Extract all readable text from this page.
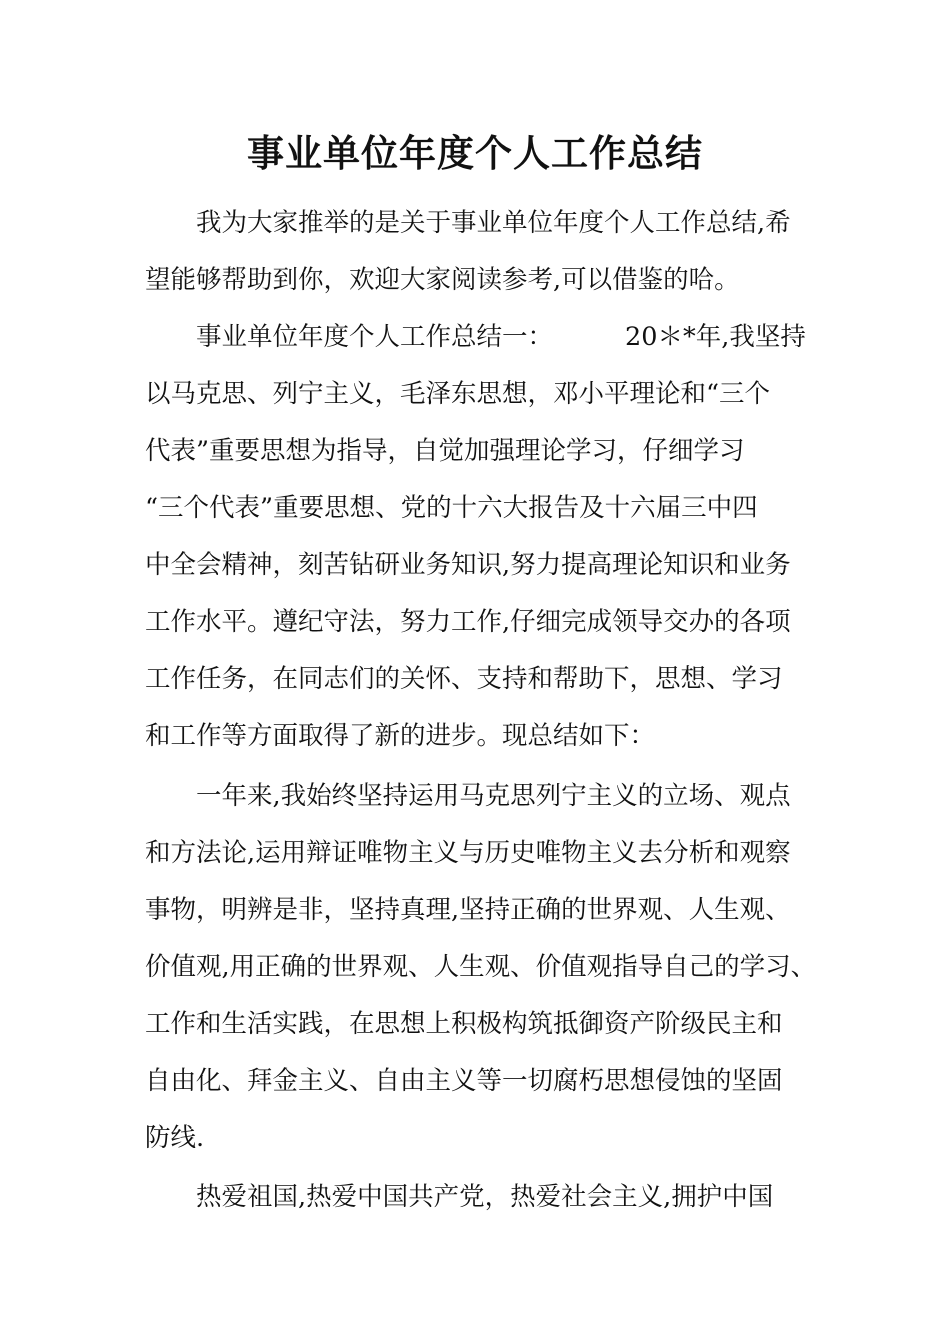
事业单位年度个人工作总结
我为大家推举的是关于事业单位年度个人工作总结,希
望能够帮助到你，欢迎大家阅读参考,可以借鉴的哈。
事业单位年度个人工作总结一：	20＊*年,我坚持
以马克思、列宁主义，毛泽东思想，邓小平理论和“三个
代表”重要思想为指导，自觉加强理论学习，仔细学习
“三个代表”重要思想、党的十六大报告及十六届三中四
中全会精神，刻苦钻研业务知识,努力提高理论知识和业务
工作水平。遵纪守法，努力工作,仔细完成领导交办的各项
工作任务，在同志们的关怀、支持和帮助下，思想、学习
和工作等方面取得了新的进步。现总结如下：
一年来,我始终坚持运用马克思列宁主义的立场、观点
和方法论,运用辩证唯物主义与历史唯物主义去分析和观察
事物，明辨是非，坚持真理,坚持正确的世界观、人生观、
价值观,用正确的世界观、人生观、价值观指导自己的学习、
工作和生活实践，在思想上积极构筑抵御资产阶级民主和
自由化、拜金主义、自由主义等一切腐朽思想侵蚀的坚固
防线.
热爱祖国,热爱中国共产党，热爱社会主义,拥护中国
